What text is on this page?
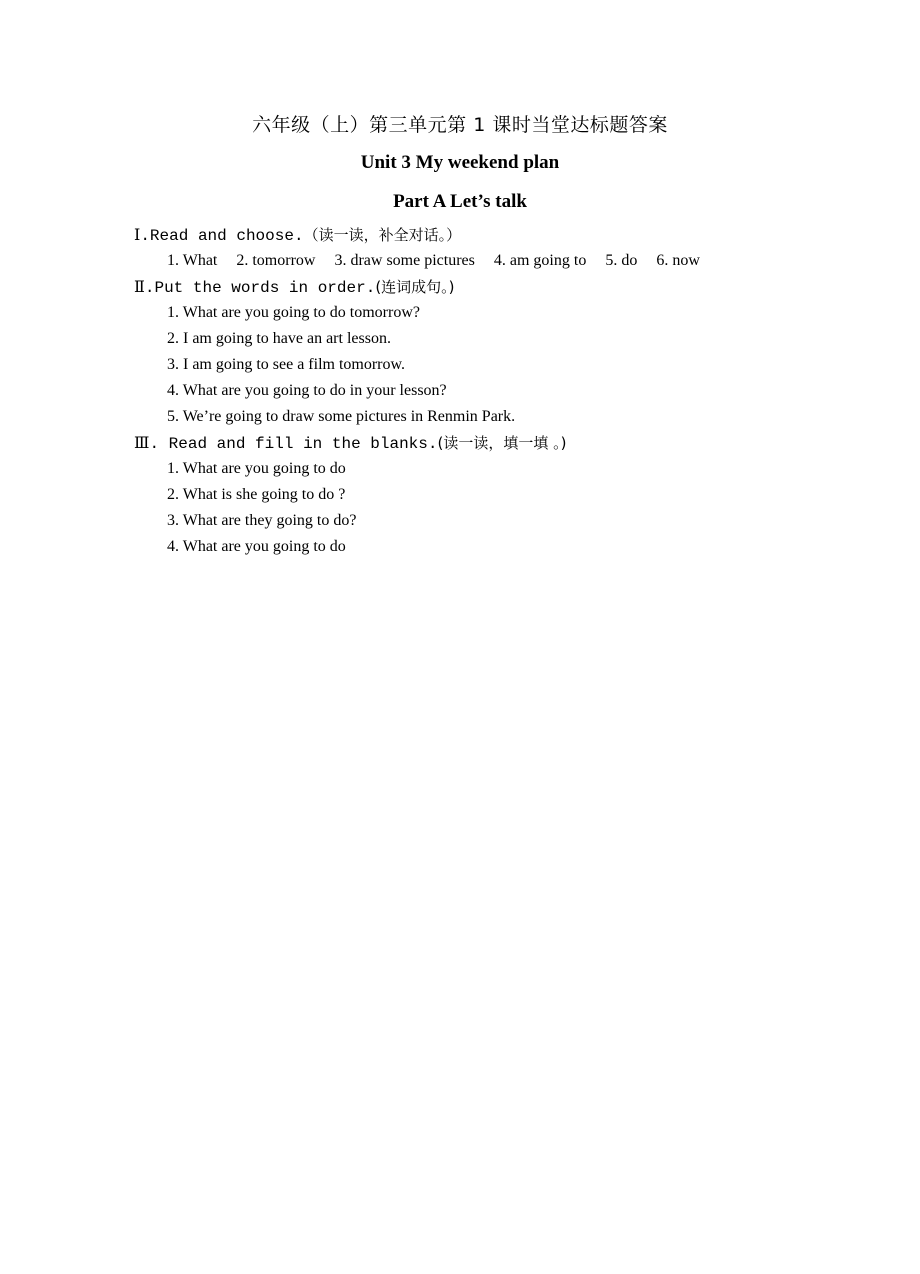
六年级（上）第三单元第 1 课时当堂达标题答案
Unit 3 My weekend plan
Part A Let’s talk
Ⅰ.Read and choose.（读一读，补全对话。）
1. What 2. tomorrow 3. draw some pictures 4. am going to 5. do 6. now
Ⅱ.Put the words in order.(连词成句。)
1. What are you going to do tomorrow?
2. I am going to have an art lesson.
3. I am going to see a film tomorrow.
4. What are you going to do in your lesson?
5. We’re going to draw some pictures in Renmin Park.
Ⅲ. Read and fill in the blanks.(读一读，填一填 。)
1. What are you going to do
2. What is she going to do ?
3. What are they going to do?
4. What are you going to do
